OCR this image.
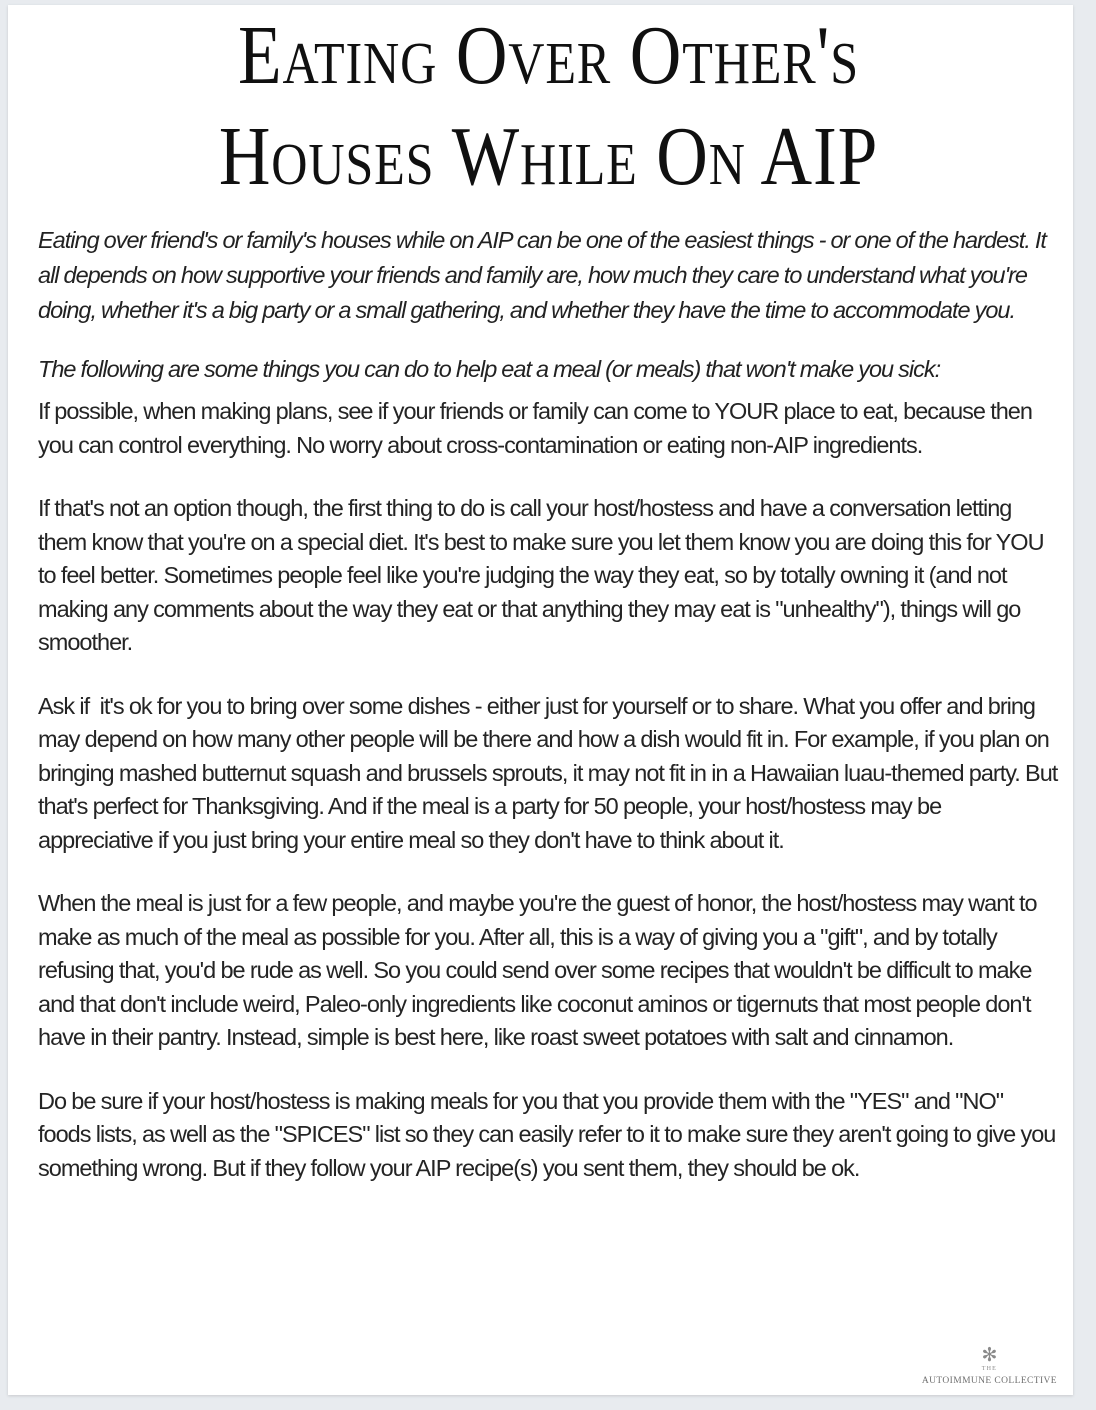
Eating Over Other's
Houses While On AIP

Eating over friend's or family's houses while on AIP can be one of the easiest things - or one of the hardest. It all depends on how supportive your friends and family are, how much they care to understand what you're doing, whether it's a big party or a small gathering, and whether they have the time to accommodate you.

The following are some things you can do to help eat a meal (or meals) that won't make you sick:

If possible, when making plans, see if your friends or family can come to YOUR place to eat, because then you can control everything. No worry about cross-contamination or eating non-AIP ingredients.

If that's not an option though, the first thing to do is call your host/hostess and have a conversation letting them know that you're on a special diet. It's best to make sure you let them know you are doing this for YOU to feel better. Sometimes people feel like you're judging the way they eat, so by totally owning it (and not making any comments about the way they eat or that anything they may eat is "unhealthy"), things will go smoother.

Ask if  it's ok for you to bring over some dishes - either just for yourself or to share. What you offer and bring may depend on how many other people will be there and how a dish would fit in. For example, if you plan on bringing mashed butternut squash and brussels sprouts, it may not fit in in a Hawaiian luau-themed party. But that's perfect for Thanksgiving. And if the meal is a party for 50 people, your host/hostess may be appreciative if you just bring your entire meal so they don't have to think about it.

When the meal is just for a few people, and maybe you're the guest of honor, the host/hostess may want to make as much of the meal as possible for you. After all, this is a way of giving you a "gift", and by totally refusing that, you'd be rude as well. So you could send over some recipes that wouldn't be difficult to make and that don't include weird, Paleo-only ingredients like coconut aminos or tigernuts that most people don't have in their pantry. Instead, simple is best here, like roast sweet potatoes with salt and cinnamon.

Do be sure if your host/hostess is making meals for you that you provide them with the "YES" and "NO" foods lists, as well as the "SPICES" list so they can easily refer to it to make sure they aren't going to give you something wrong. But if they follow your AIP recipe(s) you sent them, they should be ok.

✻
THE
AUTOIMMUNE COLLECTIVE
